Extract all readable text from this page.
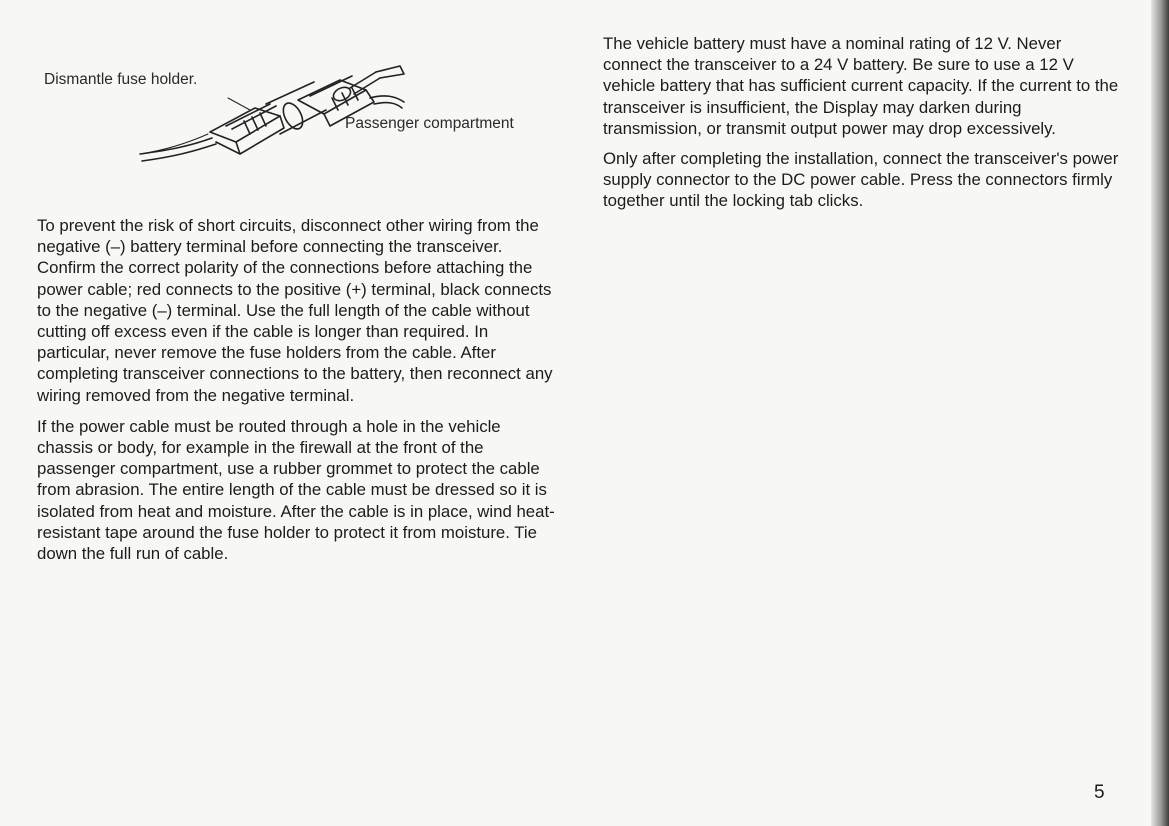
Dismantle fuse holder.
Passenger compartment

To prevent the risk of short circuits, disconnect other wiring from the negative (–) battery terminal before connecting the transceiver. Confirm the correct polarity of the connections before attaching the power cable; red connects to the positive (+) terminal, black connects to the negative (–) terminal. Use the full length of the cable without cutting off excess even if the cable is longer than required. In particular, never remove the fuse holders from the cable. After completing transceiver connections to the battery, then reconnect any wiring removed from the negative terminal.

If the power cable must be routed through a hole in the vehicle chassis or body, for example in the firewall at the front of the passenger compartment, use a rubber grommet to protect the cable from abrasion. The entire length of the cable must be dressed so it is isolated from heat and moisture. After the cable is in place, wind heat-resistant tape around the fuse holder to protect it from moisture. Tie down the full run of cable.

The vehicle battery must have a nominal rating of 12 V. Never connect the transceiver to a 24 V battery. Be sure to use a 12 V vehicle battery that has sufficient current capacity. If the current to the transceiver is insufficient, the Display may darken during transmission, or transmit output power may drop excessively.

Only after completing the installation, connect the transceiver's power supply connector to the DC power cable. Press the connectors firmly together until the locking tab clicks.

5
